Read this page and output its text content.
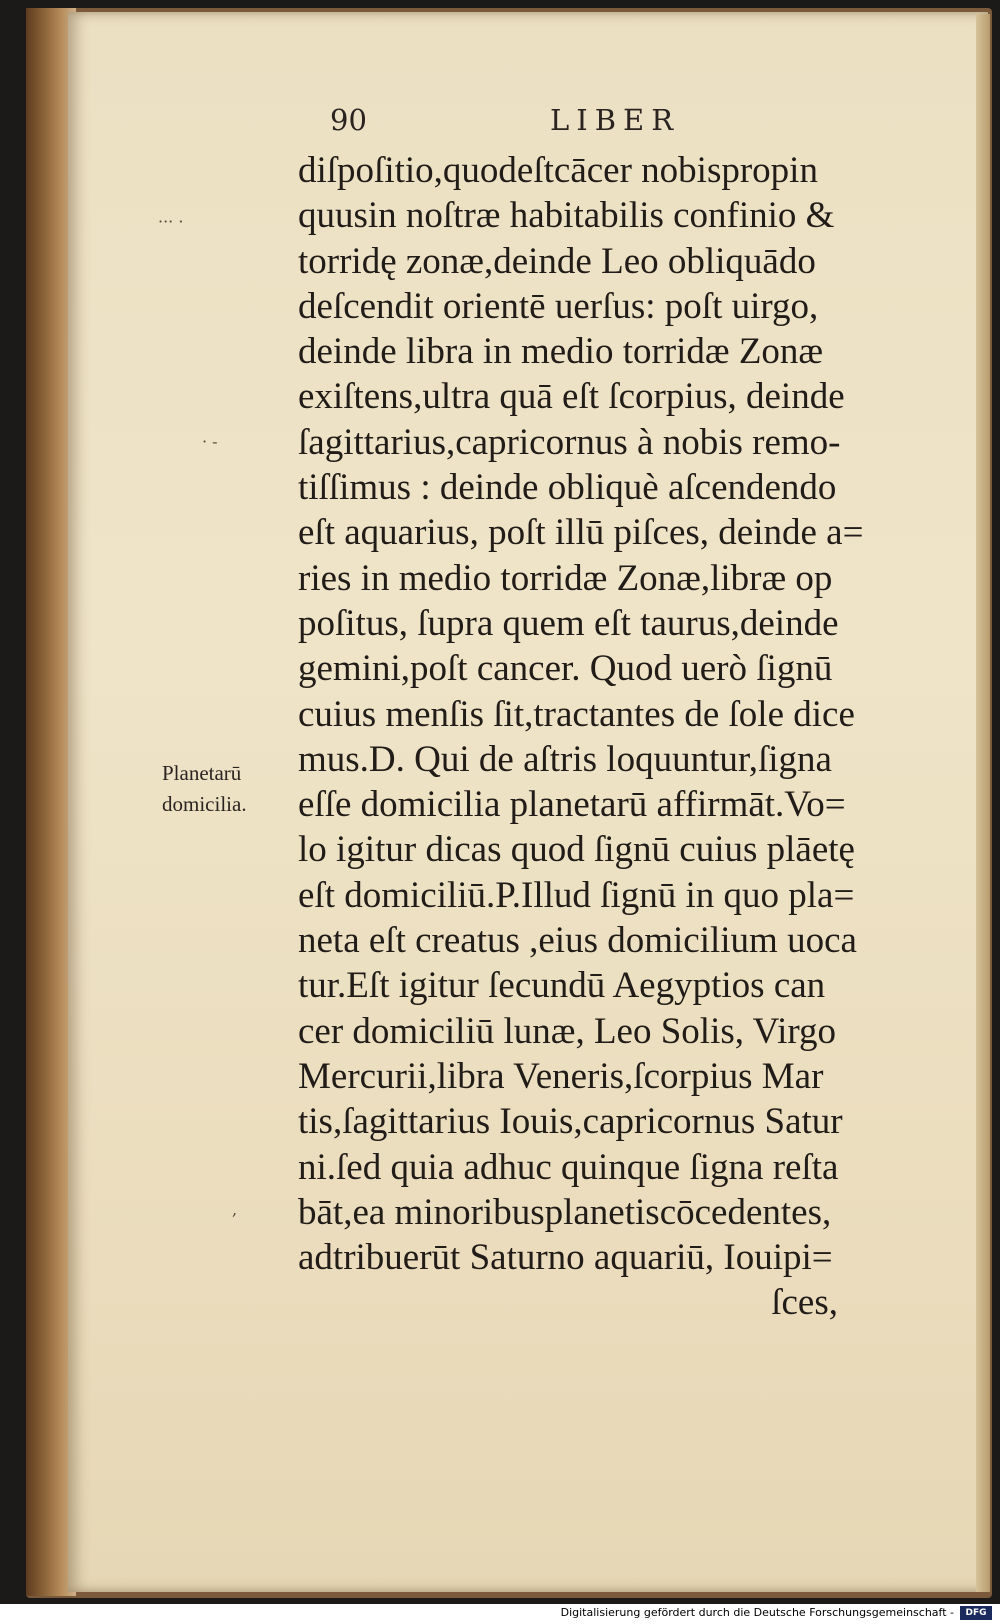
90	LIBER
··· ·
· -
,
Planetarū
domicilia.
diſpoſitio,quodeſtcācer nobispropin
quusin noſtræ habitabilis confinio &
torridę zonæ,deinde Leo obliquādo
deſcendit orientē uerſus: poſt uirgo,
deinde libra in medio torridæ Zonæ
exiſtens,ultra quā eſt ſcorpius, deinde
ſagittarius,capricornus à nobis remo-
tiſſimus : deinde obliquè aſcendendo
eſt aquarius, poſt illū piſces, deinde a=
ries in medio torridæ Zonæ,libræ op
poſitus, ſupra quem eſt taurus,deinde
gemini,poſt cancer. Quod uerò ſignū
cuius menſis ſit,tractantes de ſole dice
mus.D. Qui de aſtris loquuntur,ſigna
eſſe domicilia planetarū affirmāt.Vo=
lo igitur dicas quod ſignū cuius plāetę
eſt domiciliū.P.Illud ſignū in quo pla=
neta eſt creatus ,eius domicilium uoca
tur.Eſt igitur ſecundū Aegyptios can
cer domiciliū lunæ, Leo Solis, Virgo
Mercurii,libra Veneris,ſcorpius Mar
tis,ſagittarius Iouis,capricornus Satur
ni.ſed quia adhuc quinque ſigna reſta
bāt,ea minoribusplanetiscōcedentes,
adtribuerūt Saturno aquariū, Iouipi=
ſces,
Digitalisierung gefördert durch die Deutsche Forschungsgemeinschaft -	DFG
